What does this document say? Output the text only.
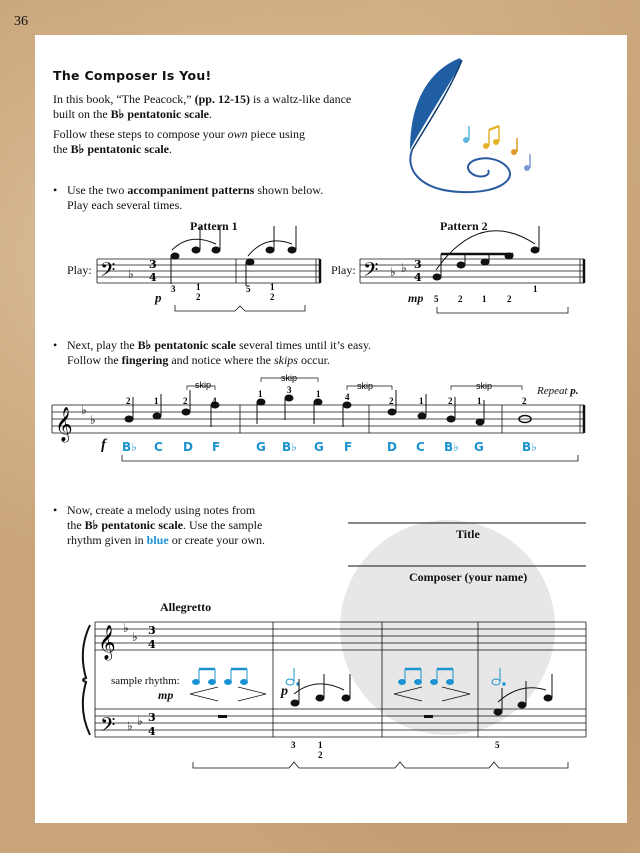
36
The Composer Is You!
In this book, “The Peacock,” (pp. 12-15) is a waltz-like dance
built on the B♭ pentatonic scale.
Follow these steps to compose your own piece using
the B♭ pentatonic scale.
• Use the two accompaniment patterns shown below.
Play each several times.
Pattern 1	Pattern 2
Play:	Play:
p	mp
• Next, play the B♭ pentatonic scale several times until it’s easy.
Follow the fingering and notice where the skips occur.
Repeat p.
f B♭ C D F	G B♭ G F	D C B♭ G	B♭
• Now, create a melody using notes from
the B♭ pentatonic scale. Use the sample
rhythm given in blue or create your own.	Title
Composer (your name)
Allegretto
sample rhythm:
mp	p
𝄢 ♭
3
4
3 1
2
5 1
2
𝄢 ♭ ♭ 3
4
5 2 1 2
1
𝄞 ♭
♭
2	1	2	4
1	3	1	4	2	1	2	1	2
skip
skip
skip	skip
𝄞
𝄢
♭
♭
♭ ♭
3
4
3
4
3	1
2
5
